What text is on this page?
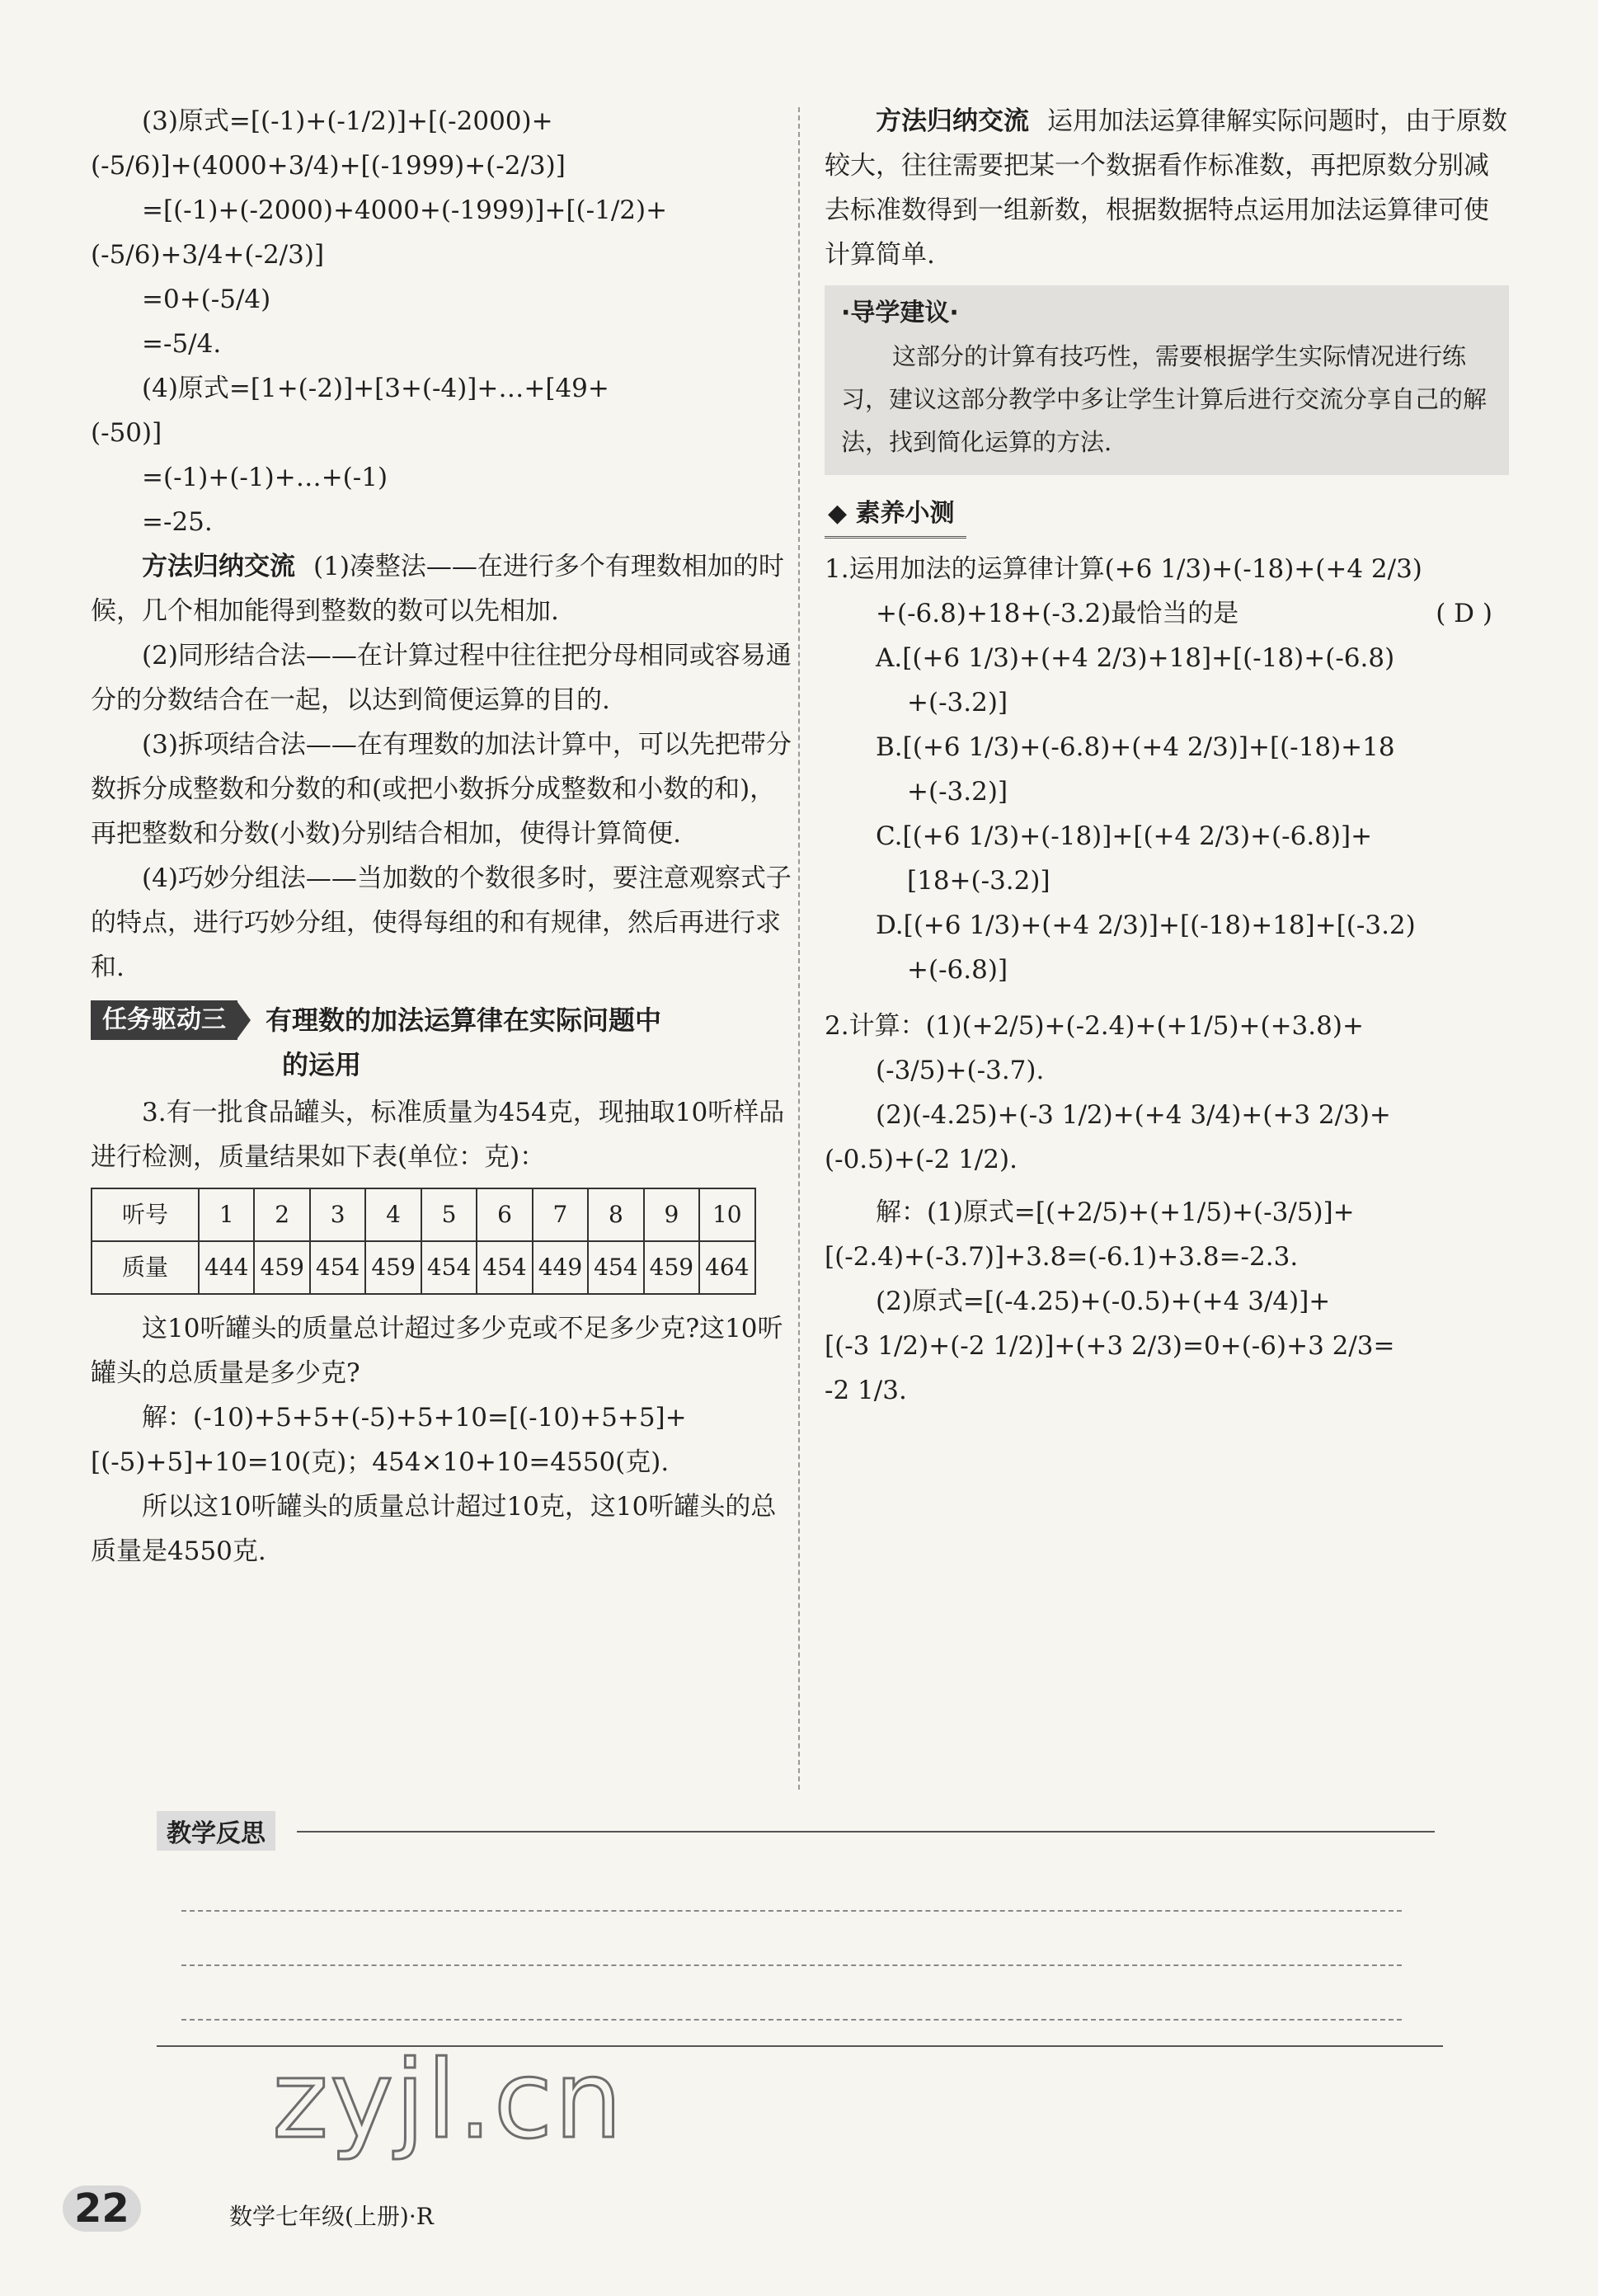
(3)原式=[(-1)+(-1/2)]+[(-2000)+

(-5/6)]+(4000+3/4)+[(-1999)+(-2/3)]

=[(-1)+(-2000)+4000+(-1999)]+[(-1/2)+

(-5/6)+3/4+(-2/3)]

=0+(-5/4)

=-5/4.

(4)原式=[1+(-2)]+[3+(-4)]+…+[49+

(-50)]

=(-1)+(-1)+…+(-1)

=-25.

方法归纳交流 (1)凑整法——在进行多个有理数相加的时候，几个相加能得到整数的数可以先相加.

(2)同形结合法——在计算过程中往往把分母相同或容易通分的分数结合在一起，以达到简便运算的目的.

(3)拆项结合法——在有理数的加法计算中，可以先把带分数拆分成整数和分数的和(或把小数拆分成整数和小数的和)，再把整数和分数(小数)分别结合相加，使得计算简便.

(4)巧妙分组法——当加数的个数很多时，要注意观察式子的特点，进行巧妙分组，使得每组的和有规律，然后再进行求和.

任务驱动三	有理数的加法运算律在实际问题中
的运用

3.有一批食品罐头，标准质量为454克，现抽取10听样品进行检测，质量结果如下表(单位：克)：

听号	1	2	3	4	5	6	7	8	9	10
质量	444	459	454	459	454	454	449	454	459	464

这10听罐头的质量总计超过多少克或不足多少克?这10听罐头的总质量是多少克?

解：(-10)+5+5+(-5)+5+10=[(-10)+5+5]+[(-5)+5]+10=10(克)；454×10+10=4550(克).

所以这10听罐头的质量总计超过10克，这10听罐头的总质量是4550克.

方法归纳交流 运用加法运算律解实际问题时，由于原数较大，往往需要把某一个数据看作标准数，再把原数分别减去标准数得到一组新数，根据数据特点运用加法运算律可使计算简单.

·导学建议·

这部分的计算有技巧性，需要根据学生实际情况进行练习，建议这部分教学中多让学生计算后进行交流分享自己的解法，找到简化运算的方法.

◆ 素养小测

1.运用加法的运算律计算(+6 1/3)+(-18)+(+4 2/3)

+(-6.8)+18+(-3.2)最恰当的是	( D )

A.[(+6 1/3)+(+4 2/3)+18]+[(-18)+(-6.8)

+(-3.2)]

B.[(+6 1/3)+(-6.8)+(+4 2/3)]+[(-18)+18

+(-3.2)]

C.[(+6 1/3)+(-18)]+[(+4 2/3)+(-6.8)]+

[18+(-3.2)]

D.[(+6 1/3)+(+4 2/3)]+[(-18)+18]+[(-3.2)

+(-6.8)]

2.计算：(1)(+2/5)+(-2.4)+(+1/5)+(+3.8)+

(-3/5)+(-3.7).

(2)(-4.25)+(-3 1/2)+(+4 3/4)+(+3 2/3)+

(-0.5)+(-2 1/2).

解：(1)原式=[(+2/5)+(+1/5)+(-3/5)]+

[(-2.4)+(-3.7)]+3.8=(-6.1)+3.8=-2.3.

(2)原式=[(-4.25)+(-0.5)+(+4 3/4)]+

[(-3 1/2)+(-2 1/2)]+(+3 2/3)=0+(-6)+3 2/3=

-2 1/3.

教学反思
zyjl.cn
22	数学七年级(上册)·R
